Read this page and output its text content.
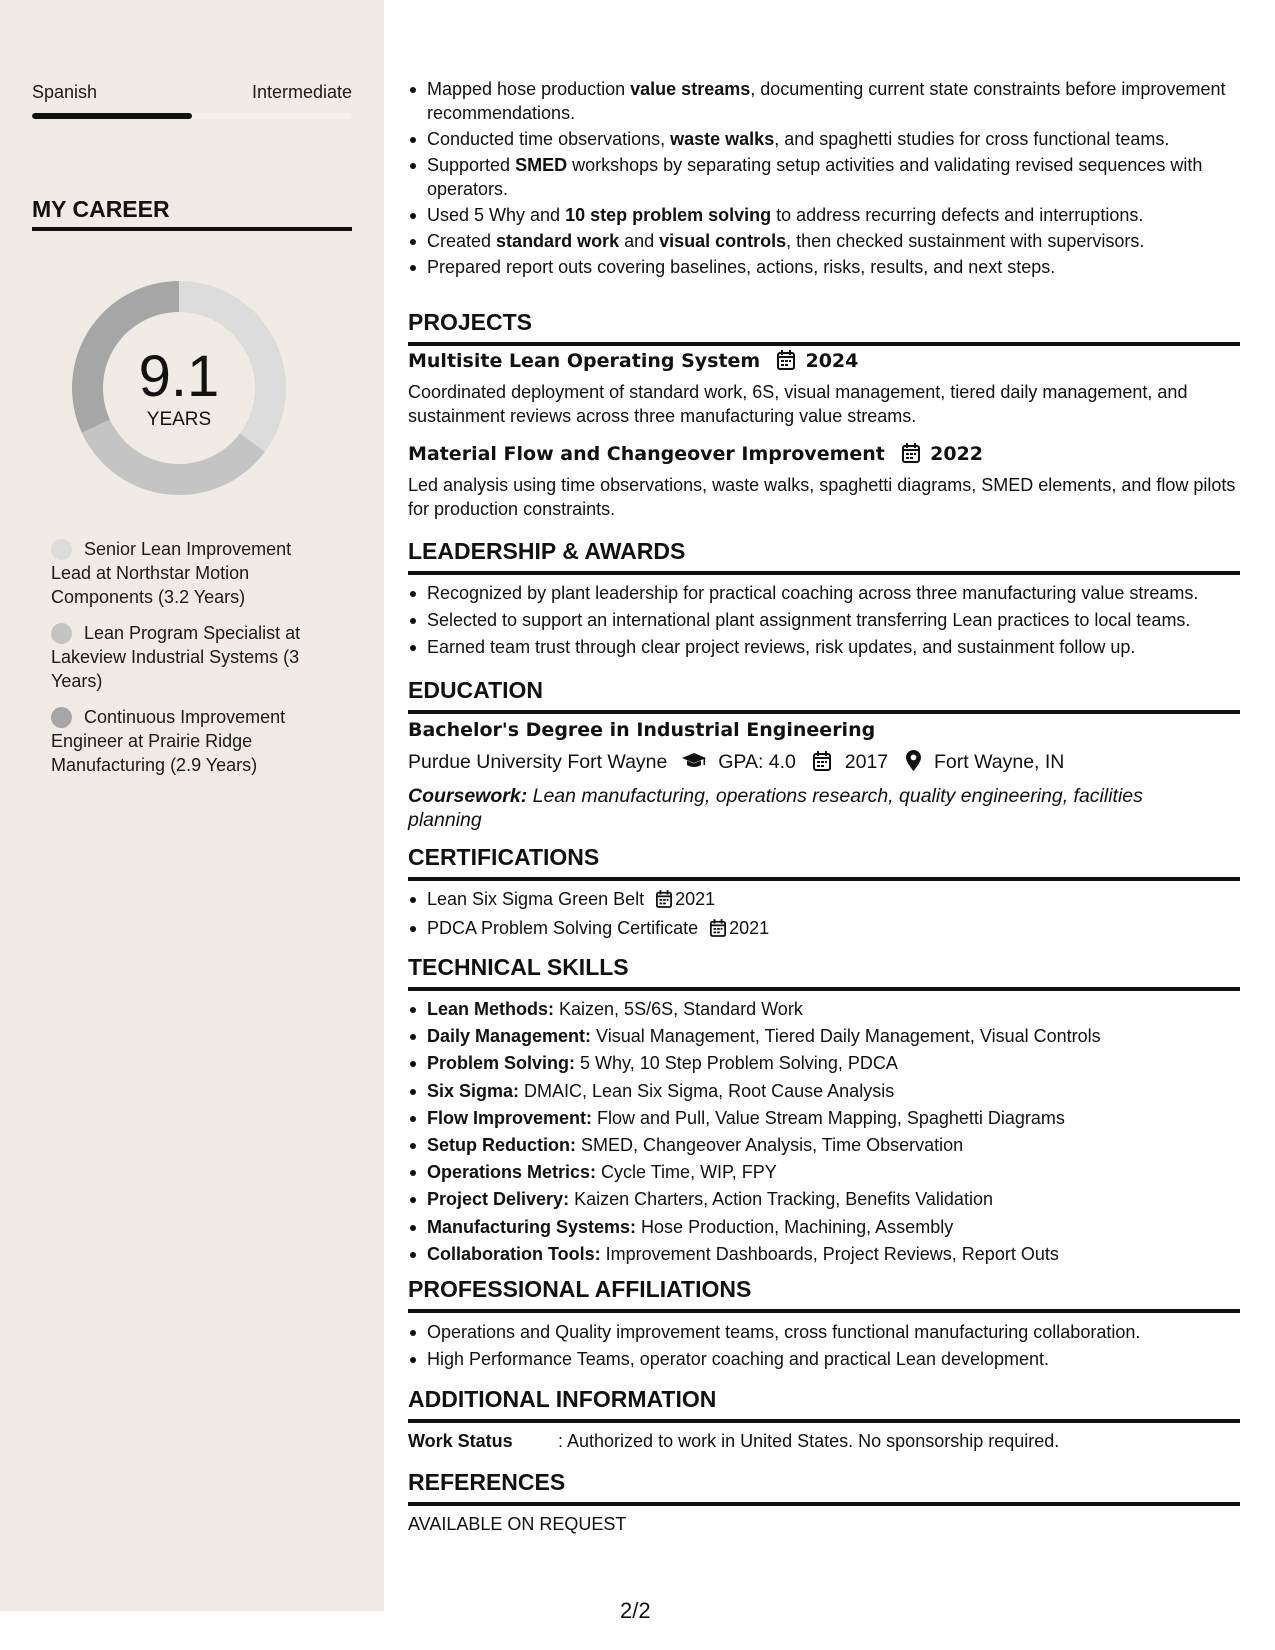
Spanish	Intermediate
MY CAREER
9.1
YEARS
Senior Lean Improvement Lead at Northstar Motion Components (3.2 Years)
Lean Program Specialist at Lakeview Industrial Systems (3 Years)
Continuous Improvement Engineer at Prairie Ridge Manufacturing (2.9 Years)
Mapped hose production value streams, documenting current state constraints before improvement recommendations.
Conducted time observations, waste walks, and spaghetti studies for cross functional teams.
Supported SMED workshops by separating setup activities and validating revised sequences with operators.
Used 5 Why and 10 step problem solving to address recurring defects and interruptions.
Created standard work and visual controls, then checked sustainment with supervisors.
Prepared report outs covering baselines, actions, risks, results, and next steps.
PROJECTS
Multisite Lean Operating System 2024
Coordinated deployment of standard work, 6S, visual management, tiered daily management, and sustainment reviews across three manufacturing value streams.
Material Flow and Changeover Improvement 2022
Led analysis using time observations, waste walks, spaghetti diagrams, SMED elements, and flow pilots for production constraints.
LEADERSHIP & AWARDS
Recognized by plant leadership for practical coaching across three manufacturing value streams.
Selected to support an international plant assignment transferring Lean practices to local teams.
Earned team trust through clear project reviews, risk updates, and sustainment follow up.
EDUCATION
Bachelor's Degree in Industrial Engineering
Purdue University Fort Wayne	GPA: 4.0	2017 Fort Wayne, IN
Coursework: Lean manufacturing, operations research, quality engineering, facilities planning
CERTIFICATIONS
Lean Six Sigma Green Belt 2021
PDCA Problem Solving Certificate 2021
TECHNICAL SKILLS
Lean Methods: Kaizen, 5S/6S, Standard Work
Daily Management: Visual Management, Tiered Daily Management, Visual Controls
Problem Solving: 5 Why, 10 Step Problem Solving, PDCA
Six Sigma: DMAIC, Lean Six Sigma, Root Cause Analysis
Flow Improvement: Flow and Pull, Value Stream Mapping, Spaghetti Diagrams
Setup Reduction: SMED, Changeover Analysis, Time Observation
Operations Metrics: Cycle Time, WIP, FPY
Project Delivery: Kaizen Charters, Action Tracking, Benefits Validation
Manufacturing Systems: Hose Production, Machining, Assembly
Collaboration Tools: Improvement Dashboards, Project Reviews, Report Outs
PROFESSIONAL AFFILIATIONS
Operations and Quality improvement teams, cross functional manufacturing collaboration.
High Performance Teams, operator coaching and practical Lean development.
ADDITIONAL INFORMATION
Work Status	: Authorized to work in United States. No sponsorship required.
REFERENCES
AVAILABLE ON REQUEST
2/2
